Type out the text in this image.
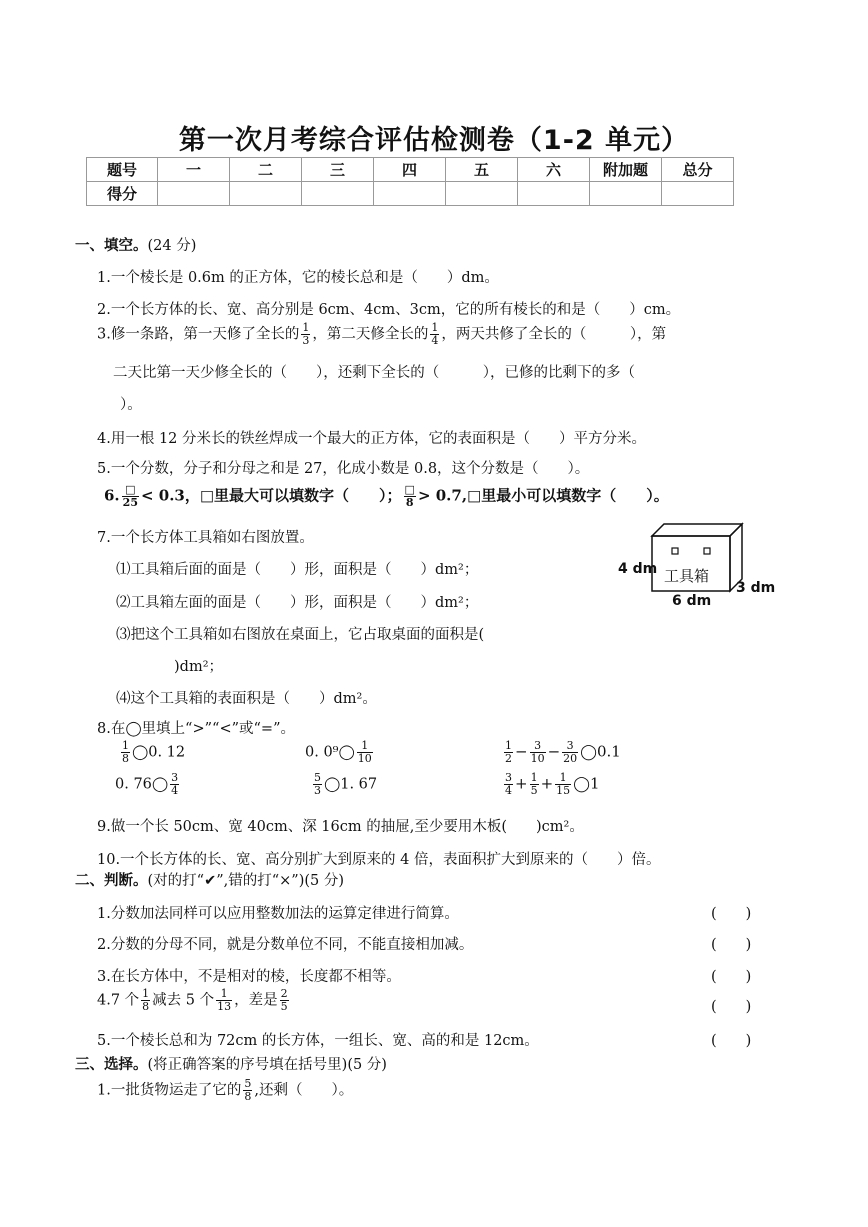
第一次月考综合评估检测卷（1-2 单元）
题号	一	二	三	四	五	六	附加题	总分
得分								
一、填空。(24 分)
1.一个棱长是 0.6m 的正方体，它的棱长总和是（　　）dm。
2.一个长方体的长、宽、高分别是 6cm、4cm、3cm，它的所有棱长的和是（　　）cm。
3.修一条路，第一天修了全长的 $\frac{1}{3}$ ，第二天修全长的 $\frac{1}{4}$ ，两天共修了全长的（　　　），第
二天比第一天少修全长的（　　），还剩下全长的（　　　），已修的比剩下的多（
）。
4.用一根 12 分米长的铁丝焊成一个最大的正方体，它的表面积是（　　）平方分米。
5.一个分数，分子和分母之和是 27，化成小数是 0.8，这个分数是（　　）。
6. $\frac{□}{25} < 0.3$，□里最大可以填数字（　　）； $\frac{□}{8}$ > 0.7,□里最小可以填数字（　　）。
7.一个长方体工具箱如右图放置。
⑴工具箱后面的面是（　　）形，面积是（　　）dm²；
⑵工具箱左面的面是（　　）形，面积是（　　）dm²；
⑶把这个工具箱如右图放在桌面上，它占取桌面的面积是(
)dm²；
⑷这个工具箱的表面积是（　　）dm²。
工具箱
4 dm
6 dm
3 dm
8.在◯里填上“>”“<”或“=”。
$\frac{1}{8}$ ◯0. 12	0. 0⁹◯ $\frac{1}{10}$	$\frac{1}{2} - \frac{3}{10} - \frac{3}{20}$ ◯0.1
0. 76◯ $\frac{3}{4}$	$\frac{5}{3}$ ◯1. 67	$\frac{3}{4} + \frac{1}{5} + \frac{1}{15}$ ◯1
9.做一个长 50cm、宽 40cm、深 16cm 的抽屉,至少要用木板(　　)cm²。
10.一个长方体的长、宽、高分别扩大到原来的 4 倍，表面积扩大到原来的（　　）倍。
二、判断。(对的打“✔”,错的打“×”)(5 分)
1.分数加法同样可以应用整数加法的运算定律进行简算。	(　　)
2.分数的分母不同，就是分数单位不同，不能直接相加减。	(　　)
3.在长方体中，不是相对的棱，长度都不相等。	(　　)
4.7 个 $\frac{1}{8}$ 减去 5 个 $\frac{1}{13}$ ，差是 $\frac{2}{5}$	(　　)
5.一个棱长总和为 72cm 的长方体，一组长、宽、高的和是 12cm。	(　　)
三、选择。(将正确答案的序号填在括号里)(5 分)
1.一批货物运走了它的 $\frac{5}{8}$ ,还剩（　　）。
